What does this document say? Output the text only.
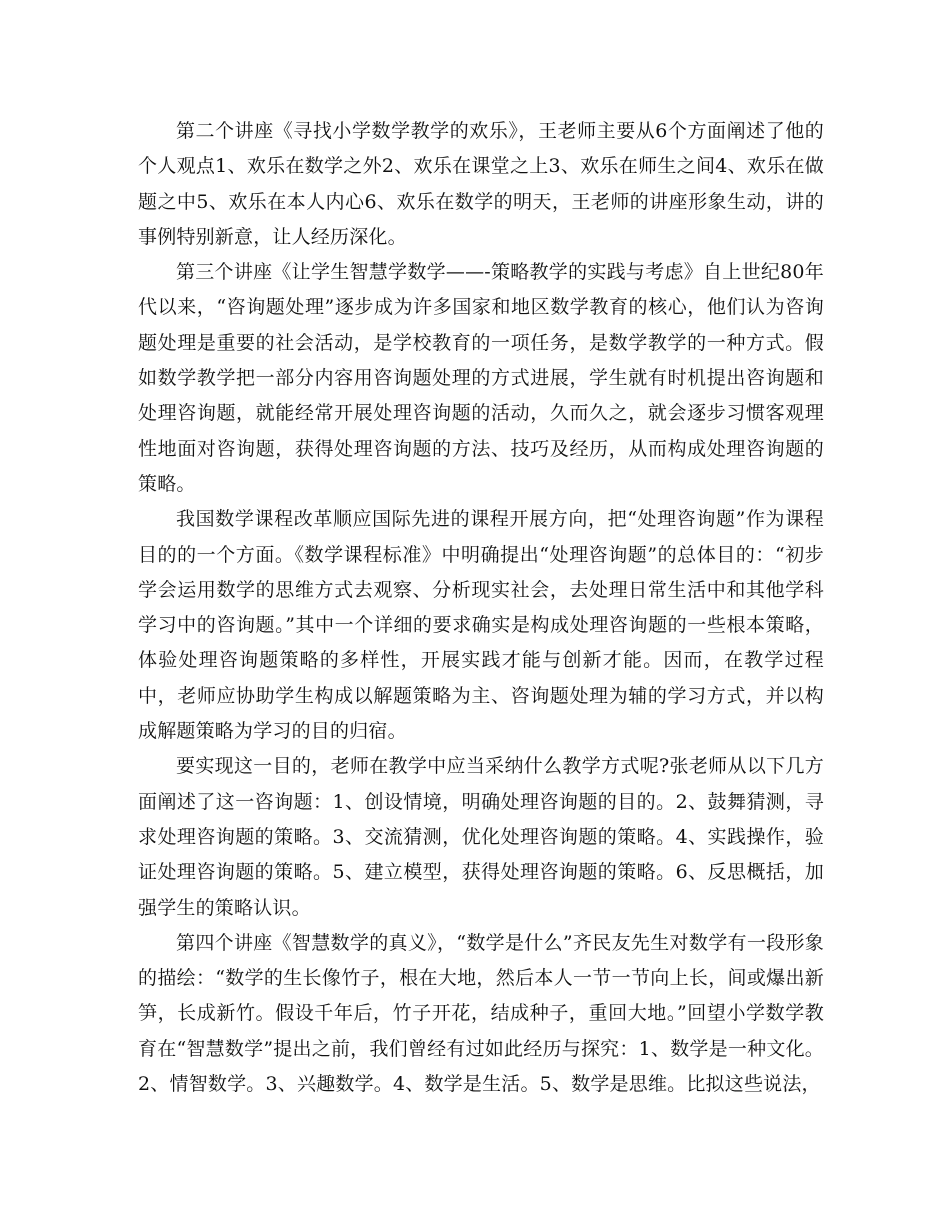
第二个讲座《寻找小学数学教学的欢乐》，王老师主要从6个方面阐述了他的个人观点1、欢乐在数学之外2、欢乐在课堂之上3、欢乐在师生之间4、欢乐在做题之中5、欢乐在本人内心6、欢乐在数学的明天，王老师的讲座形象生动，讲的事例特别新意，让人经历深化。

第三个讲座《让学生智慧学数学——-策略教学的实践与考虑》自上世纪80年代以来，“咨询题处理”逐步成为许多国家和地区数学教育的核心，他们认为咨询题处理是重要的社会活动，是学校教育的一项任务，是数学教学的一种方式。假如数学教学把一部分内容用咨询题处理的方式进展，学生就有时机提出咨询题和处理咨询题，就能经常开展处理咨询题的活动，久而久之，就会逐步习惯客观理性地面对咨询题，获得处理咨询题的方法、技巧及经历，从而构成处理咨询题的策略。

我国数学课程改革顺应国际先进的课程开展方向，把“处理咨询题”作为课程目的的一个方面。《数学课程标准》中明确提出“处理咨询题”的总体目的：“初步学会运用数学的思维方式去观察、分析现实社会，去处理日常生活中和其他学科学习中的咨询题。”其中一个详细的要求确实是构成处理咨询题的一些根本策略，体验处理咨询题策略的多样性，开展实践才能与创新才能。因而，在教学过程中，老师应协助学生构成以解题策略为主、咨询题处理为辅的学习方式，并以构成解题策略为学习的目的归宿。

要实现这一目的，老师在教学中应当采纳什么教学方式呢?张老师从以下几方面阐述了这一咨询题：1、创设情境，明确处理咨询题的目的。2、鼓舞猜测，寻求处理咨询题的策略。3、交流猜测，优化处理咨询题的策略。4、实践操作，验证处理咨询题的策略。5、建立模型，获得处理咨询题的策略。6、反思概括，加强学生的策略认识。

第四个讲座《智慧数学的真义》，“数学是什么”齐民友先生对数学有一段形象的描绘：“数学的生长像竹子，根在大地，然后本人一节一节向上长，间或爆出新笋，长成新竹。假设千年后，竹子开花，结成种子，重回大地。”回望小学数学教育在“智慧数学”提出之前，我们曾经有过如此经历与探究：1、数学是一种文化。2、情智数学。3、兴趣数学。4、数学是生活。5、数学是思维。比拟这些说法，
